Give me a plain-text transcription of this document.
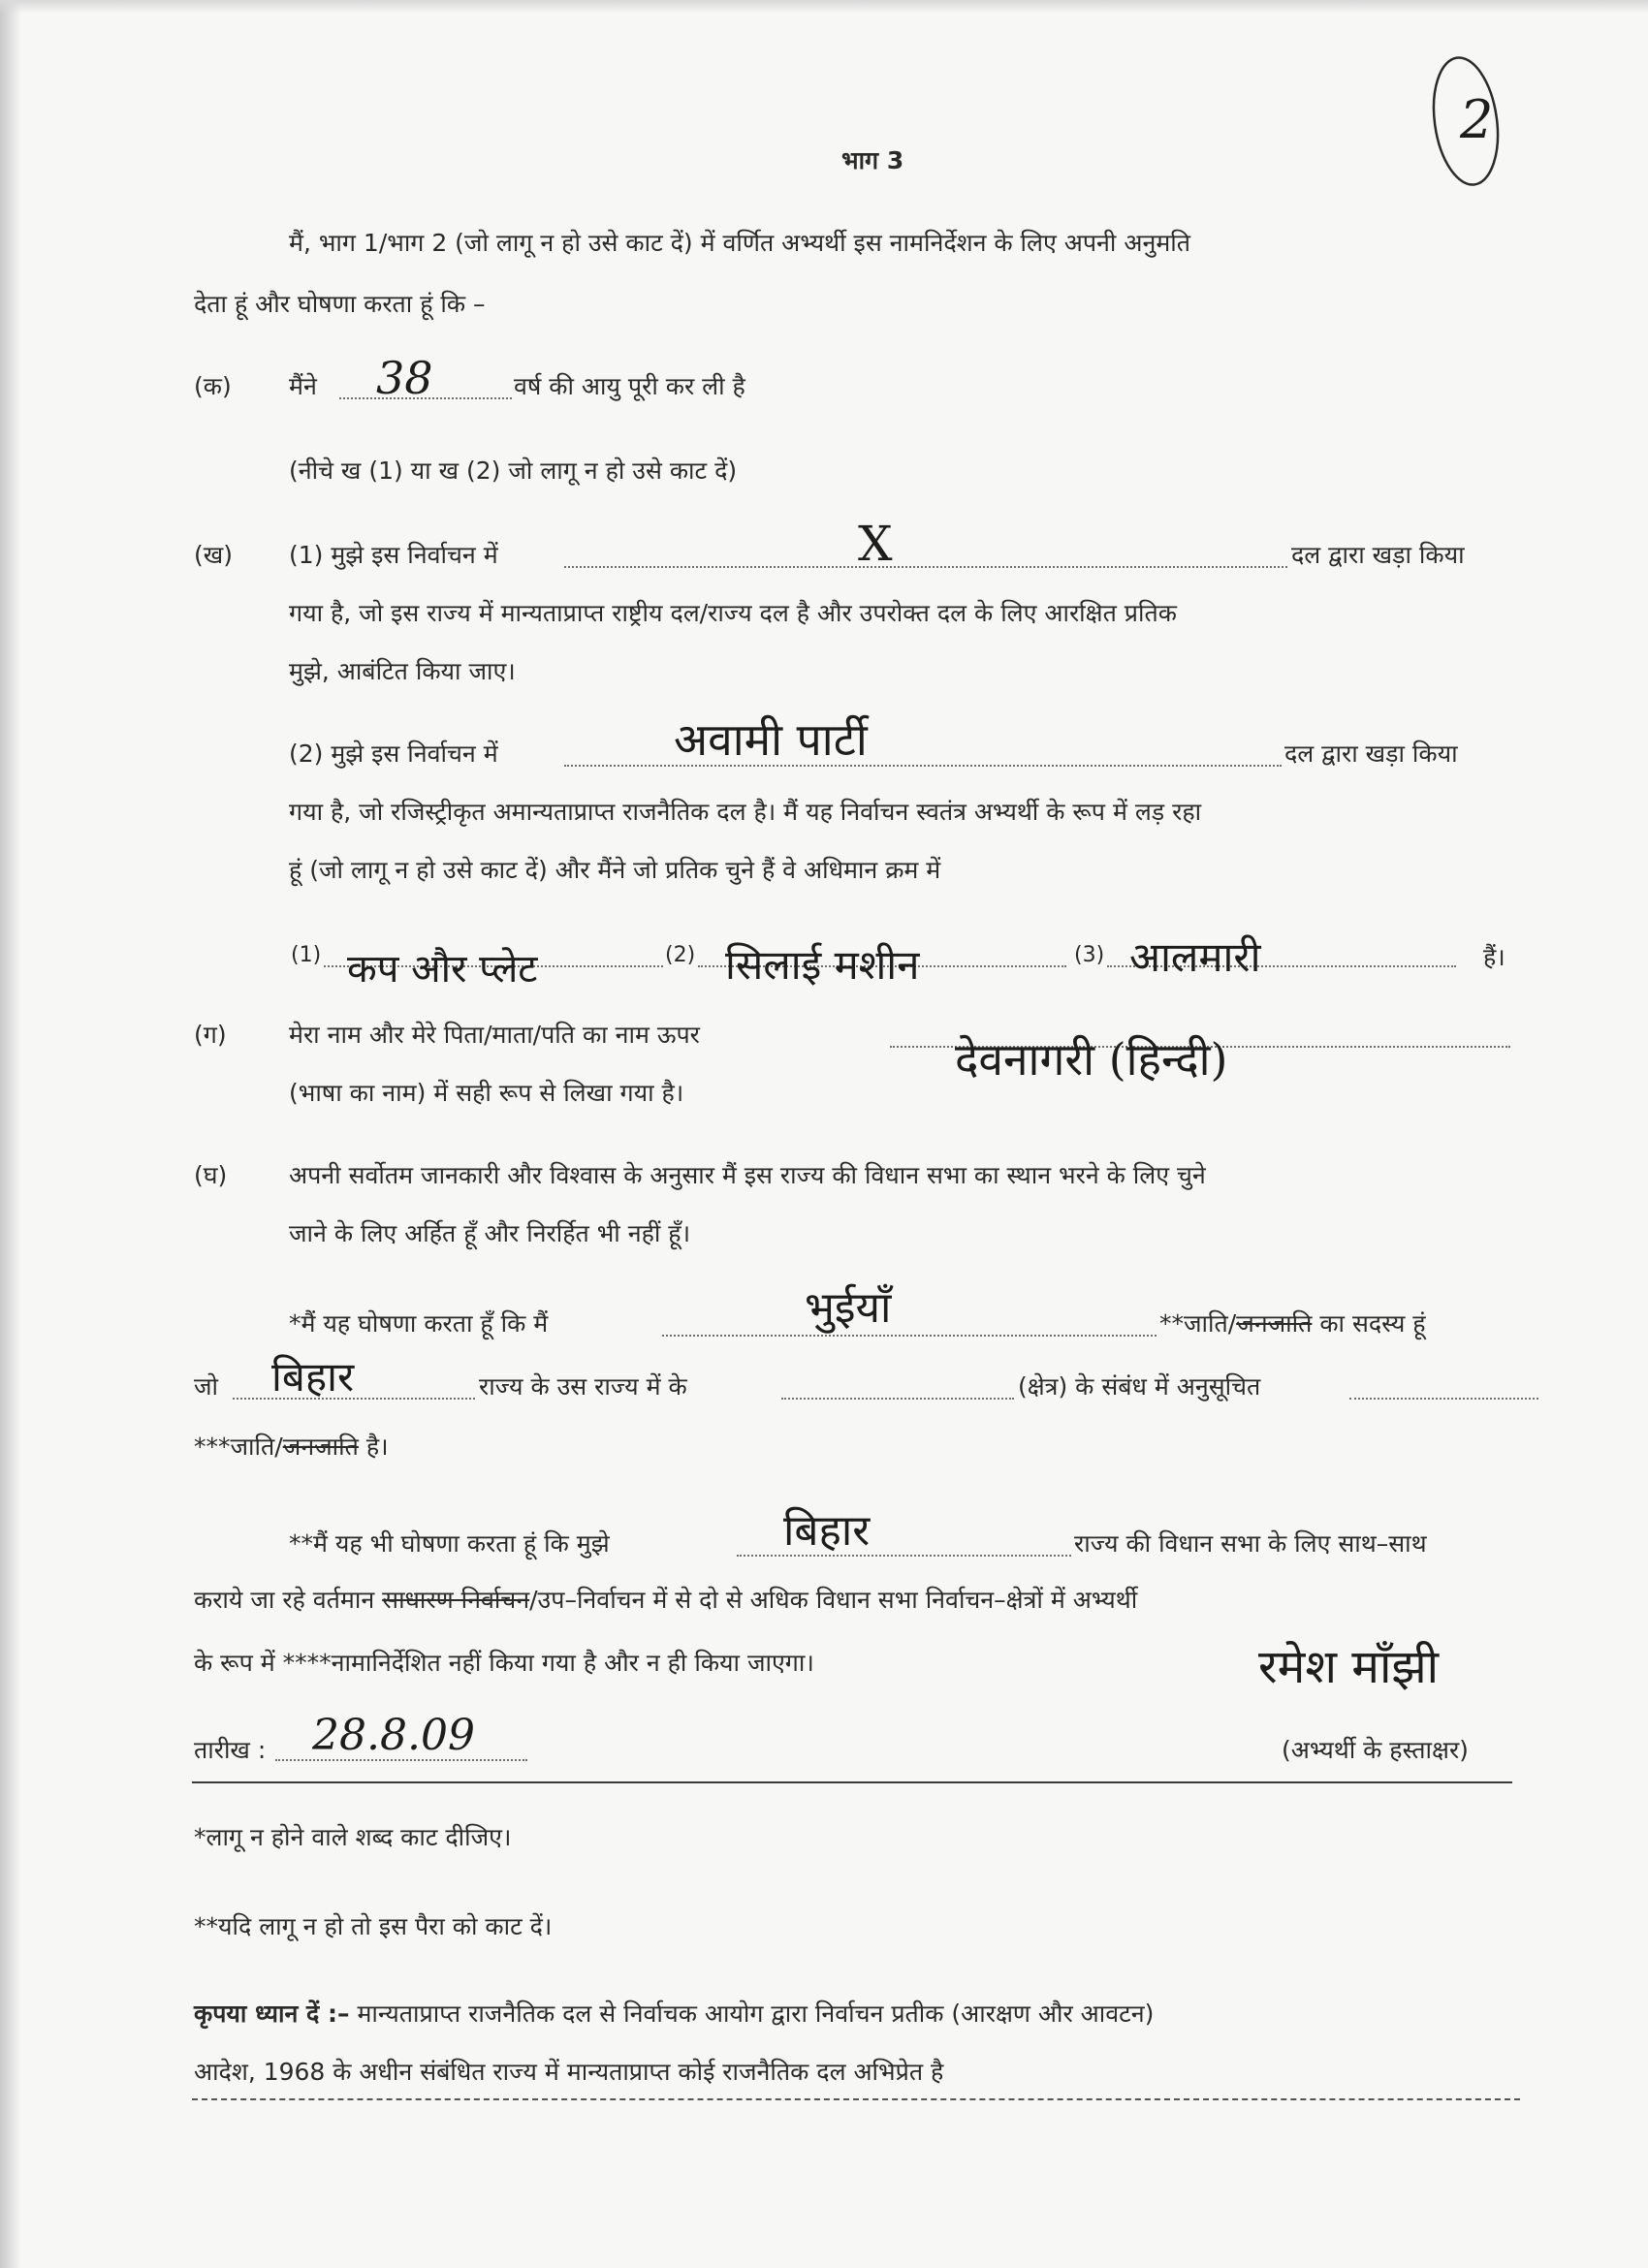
2
भाग 3
मैं, भाग 1/भाग 2 (जो लागू न हो उसे काट दें) में वर्णित अभ्यर्थी इस नामनिर्देशन के लिए अपनी अनुमति
देता हूं और घोषणा करता हूं कि –
(क) मैंने 38	वर्ष की आयु पूरी कर ली है
(नीचे ख (1) या ख (2) जो लागू न हो उसे काट दें)
(ख) (1) मुझे इस निर्वाचन में	X	दल द्वारा खड़ा किया
गया है, जो इस राज्य में मान्यताप्राप्त राष्ट्रीय दल/राज्य दल है और उपरोक्त दल के लिए आरक्षित प्रतिक
मुझे, आबंटित किया जाए।
(2) मुझे इस निर्वाचन में	अवामी पार्टी	दल द्वारा खड़ा किया
गया है, जो रजिस्ट्रीकृत अमान्यताप्राप्त राजनैतिक दल है। मैं यह निर्वाचन स्वतंत्र अभ्यर्थी के रूप में लड़ रहा
हूं (जो लागू न हो उसे काट दें) और मैंने जो प्रतिक चुने हैं वे अधिमान क्रम में
(1) कप और प्लेट	(2) सिलाई मशीन	(3) आलमारी	हैं।
(ग)	मेरा नाम और मेरे पिता/माता/पति का नाम ऊपर	देवनागरी (हिन्दी)
(भाषा का नाम) में सही रूप से लिखा गया है।
(घ)	अपनी सर्वोतम जानकारी और विश्वास के अनुसार मैं इस राज्य की विधान सभा का स्थान भरने के लिए चुने
जाने के लिए अर्हित हूँ और निरर्हित भी नहीं हूँ।
*मैं यह घोषणा करता हूँ कि मैं	भुईयाँ	**जाति/जनजाति का सदस्य हूं
जो बिहार	राज्य के उस राज्य में के	(क्षेत्र) के संबंध में अनुसूचित
***जाति/जनजाति है।
**मैं यह भी घोषणा करता हूं कि मुझे	बिहार	राज्य की विधान सभा के लिए साथ–साथ
कराये जा रहे वर्तमान साधारण निर्वाचन/उप–निर्वाचन में से दो से अधिक विधान सभा निर्वाचन–क्षेत्रों में अभ्यर्थी
के रूप में ****नामानिर्देशित नहीं किया गया है और न ही किया जाएगा।	रमेश माँझी
(अभ्यर्थी के हस्ताक्षर)
तारीख : 28.8.09
*लागू न होने वाले शब्द काट दीजिए।
**यदि लागू न हो तो इस पैरा को काट दें।
कृपया ध्यान दें :– मान्यताप्राप्त राजनैतिक दल से निर्वाचक आयोग द्वारा निर्वाचन प्रतीक (आरक्षण और आवटन)
आदेश, 1968 के अधीन संबंधित राज्य में मान्यताप्राप्त कोई राजनैतिक दल अभिप्रेत है
